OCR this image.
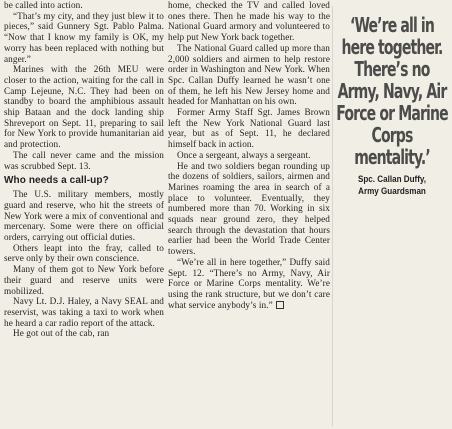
be called into action.

“That’s my city, and they just blew it to pieces,” said Gunnery Sgt. Pablo Palma. “Now that I know my family is OK, my worry has been replaced with nothing but anger.”

Marines with the 26th MEU were closer to the action, waiting for the call in Camp Lejeune, N.C. They had been on standby to board the amphibious assault ship Bataan and the dock landing ship Shreveport on Sept. 11, preparing to sail for New York to provide humanitarian aid and protection.

The call never came and the mission was scrubbed Sept. 13.

Who needs a call-up?

The U.S. military members, mostly guard and reserve, who hit the streets of New York were a mix of conventional and mercenary. Some were there on official orders, carrying out official duties.

Others leapt into the fray, called to serve only by their own conscience.

Many of them got to New York before their guard and reserve units were mobilized.

Navy Lt. D.J. Haley, a Navy SEAL and reservist, was taking a taxi to work when he heard a car radio report of the attack.

He got out of the cab, ran

home, checked the TV and called loved ones there. Then he made his way to the National Guard armory and volunteered to help put New York back together.

The National Guard called up more than 2,000 soldiers and airmen to help restore order in Washington and New York. When Spc. Callan Duffy learned he wasn’t one of them, he left his New Jersey home and headed for Manhattan on his own.

Former Army Staff Sgt. James Brown left the New York National Guard last year, but as of Sept. 11, he declared himself back in action.

Once a sergeant, always a sergeant.

He and two soldiers began rounding up the dozens of soldiers, sailors, airmen and Marines roaming the area in search of a place to volunteer. Eventually, they numbered more than 70. Working in six squads near ground zero, they helped search through the devastation that hours earlier had been the World Trade Center towers.

“We’re all in here together,” Duffy said Sept. 12. “There’s no Army, Navy, Air Force or Marine Corps mentality. We’re using the rank structure, but we don’t care what service anybody’s in.”

‘We’re all in here together. There’s no Army, Navy, Air Force or Marine Corps mentality.’
Spc. Callan Duffy,
Army Guardsman
